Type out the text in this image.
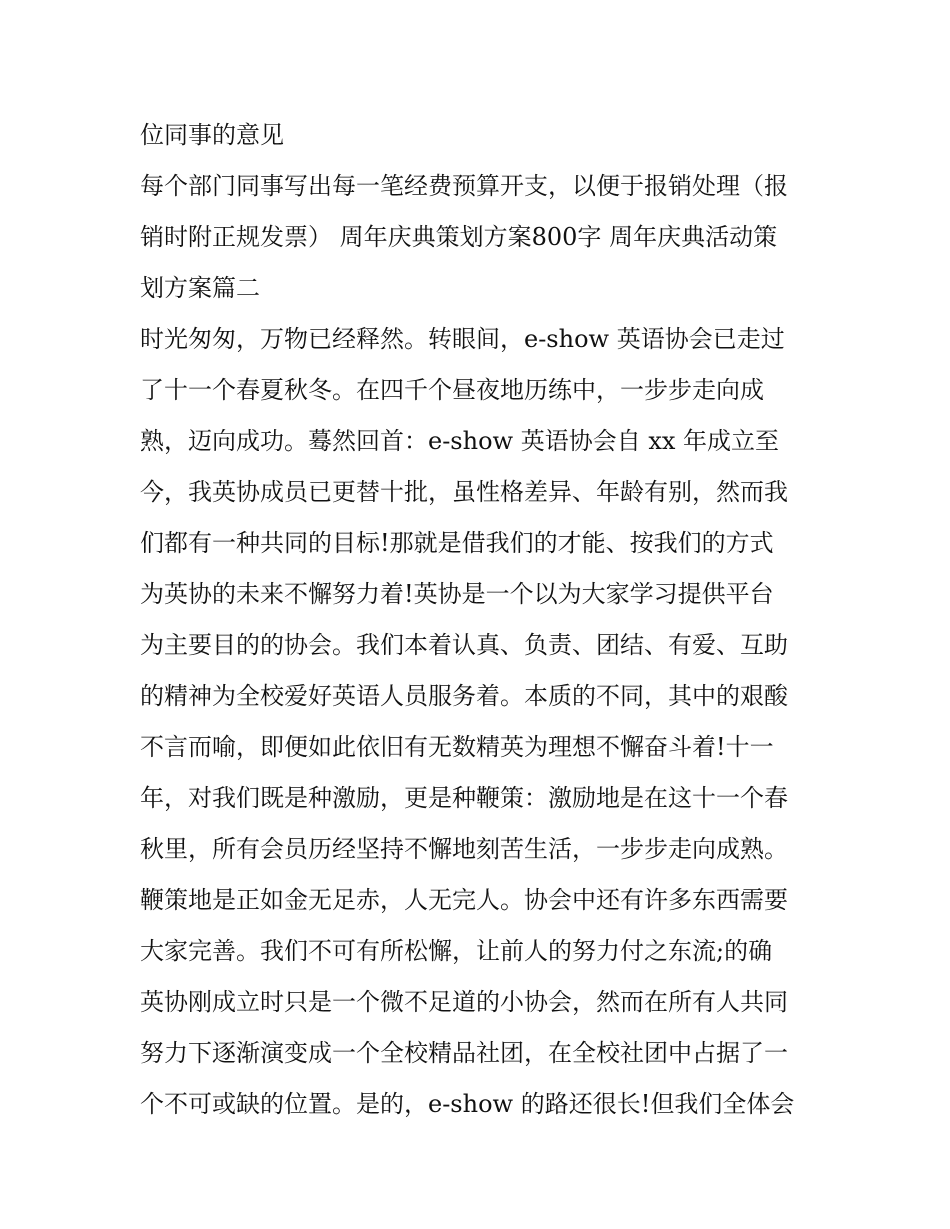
位同事的意见
每个部门同事写出每一笔经费预算开支，以便于报销处理（报
销时附正规发票） 周年庆典策划方案800字 周年庆典活动策
划方案篇二
时光匆匆，万物已经释然。转眼间，e-show 英语协会已走过
了十一个春夏秋冬。在四千个昼夜地历练中，一步步走向成
熟，迈向成功。蓦然回首：e-show 英语协会自 xx 年成立至
今，我英协成员已更替十批，虽性格差异、年龄有别，然而我
们都有一种共同的目标!那就是借我们的才能、按我们的方式
为英协的未来不懈努力着!英协是一个以为大家学习提供平台
为主要目的的协会。我们本着认真、负责、团结、有爱、互助
的精神为全校爱好英语人员服务着。本质的不同，其中的艰酸
不言而喻，即便如此依旧有无数精英为理想不懈奋斗着!十一
年，对我们既是种激励，更是种鞭策：激励地是在这十一个春
秋里，所有会员历经坚持不懈地刻苦生活，一步步走向成熟。
鞭策地是正如金无足赤，人无完人。协会中还有许多东西需要
大家完善。我们不可有所松懈，让前人的努力付之东流;的确
英协刚成立时只是一个微不足道的小协会，然而在所有人共同
努力下逐渐演变成一个全校精品社团，在全校社团中占据了一
个不可或缺的位置。是的，e-show 的路还很长!但我们全体会
